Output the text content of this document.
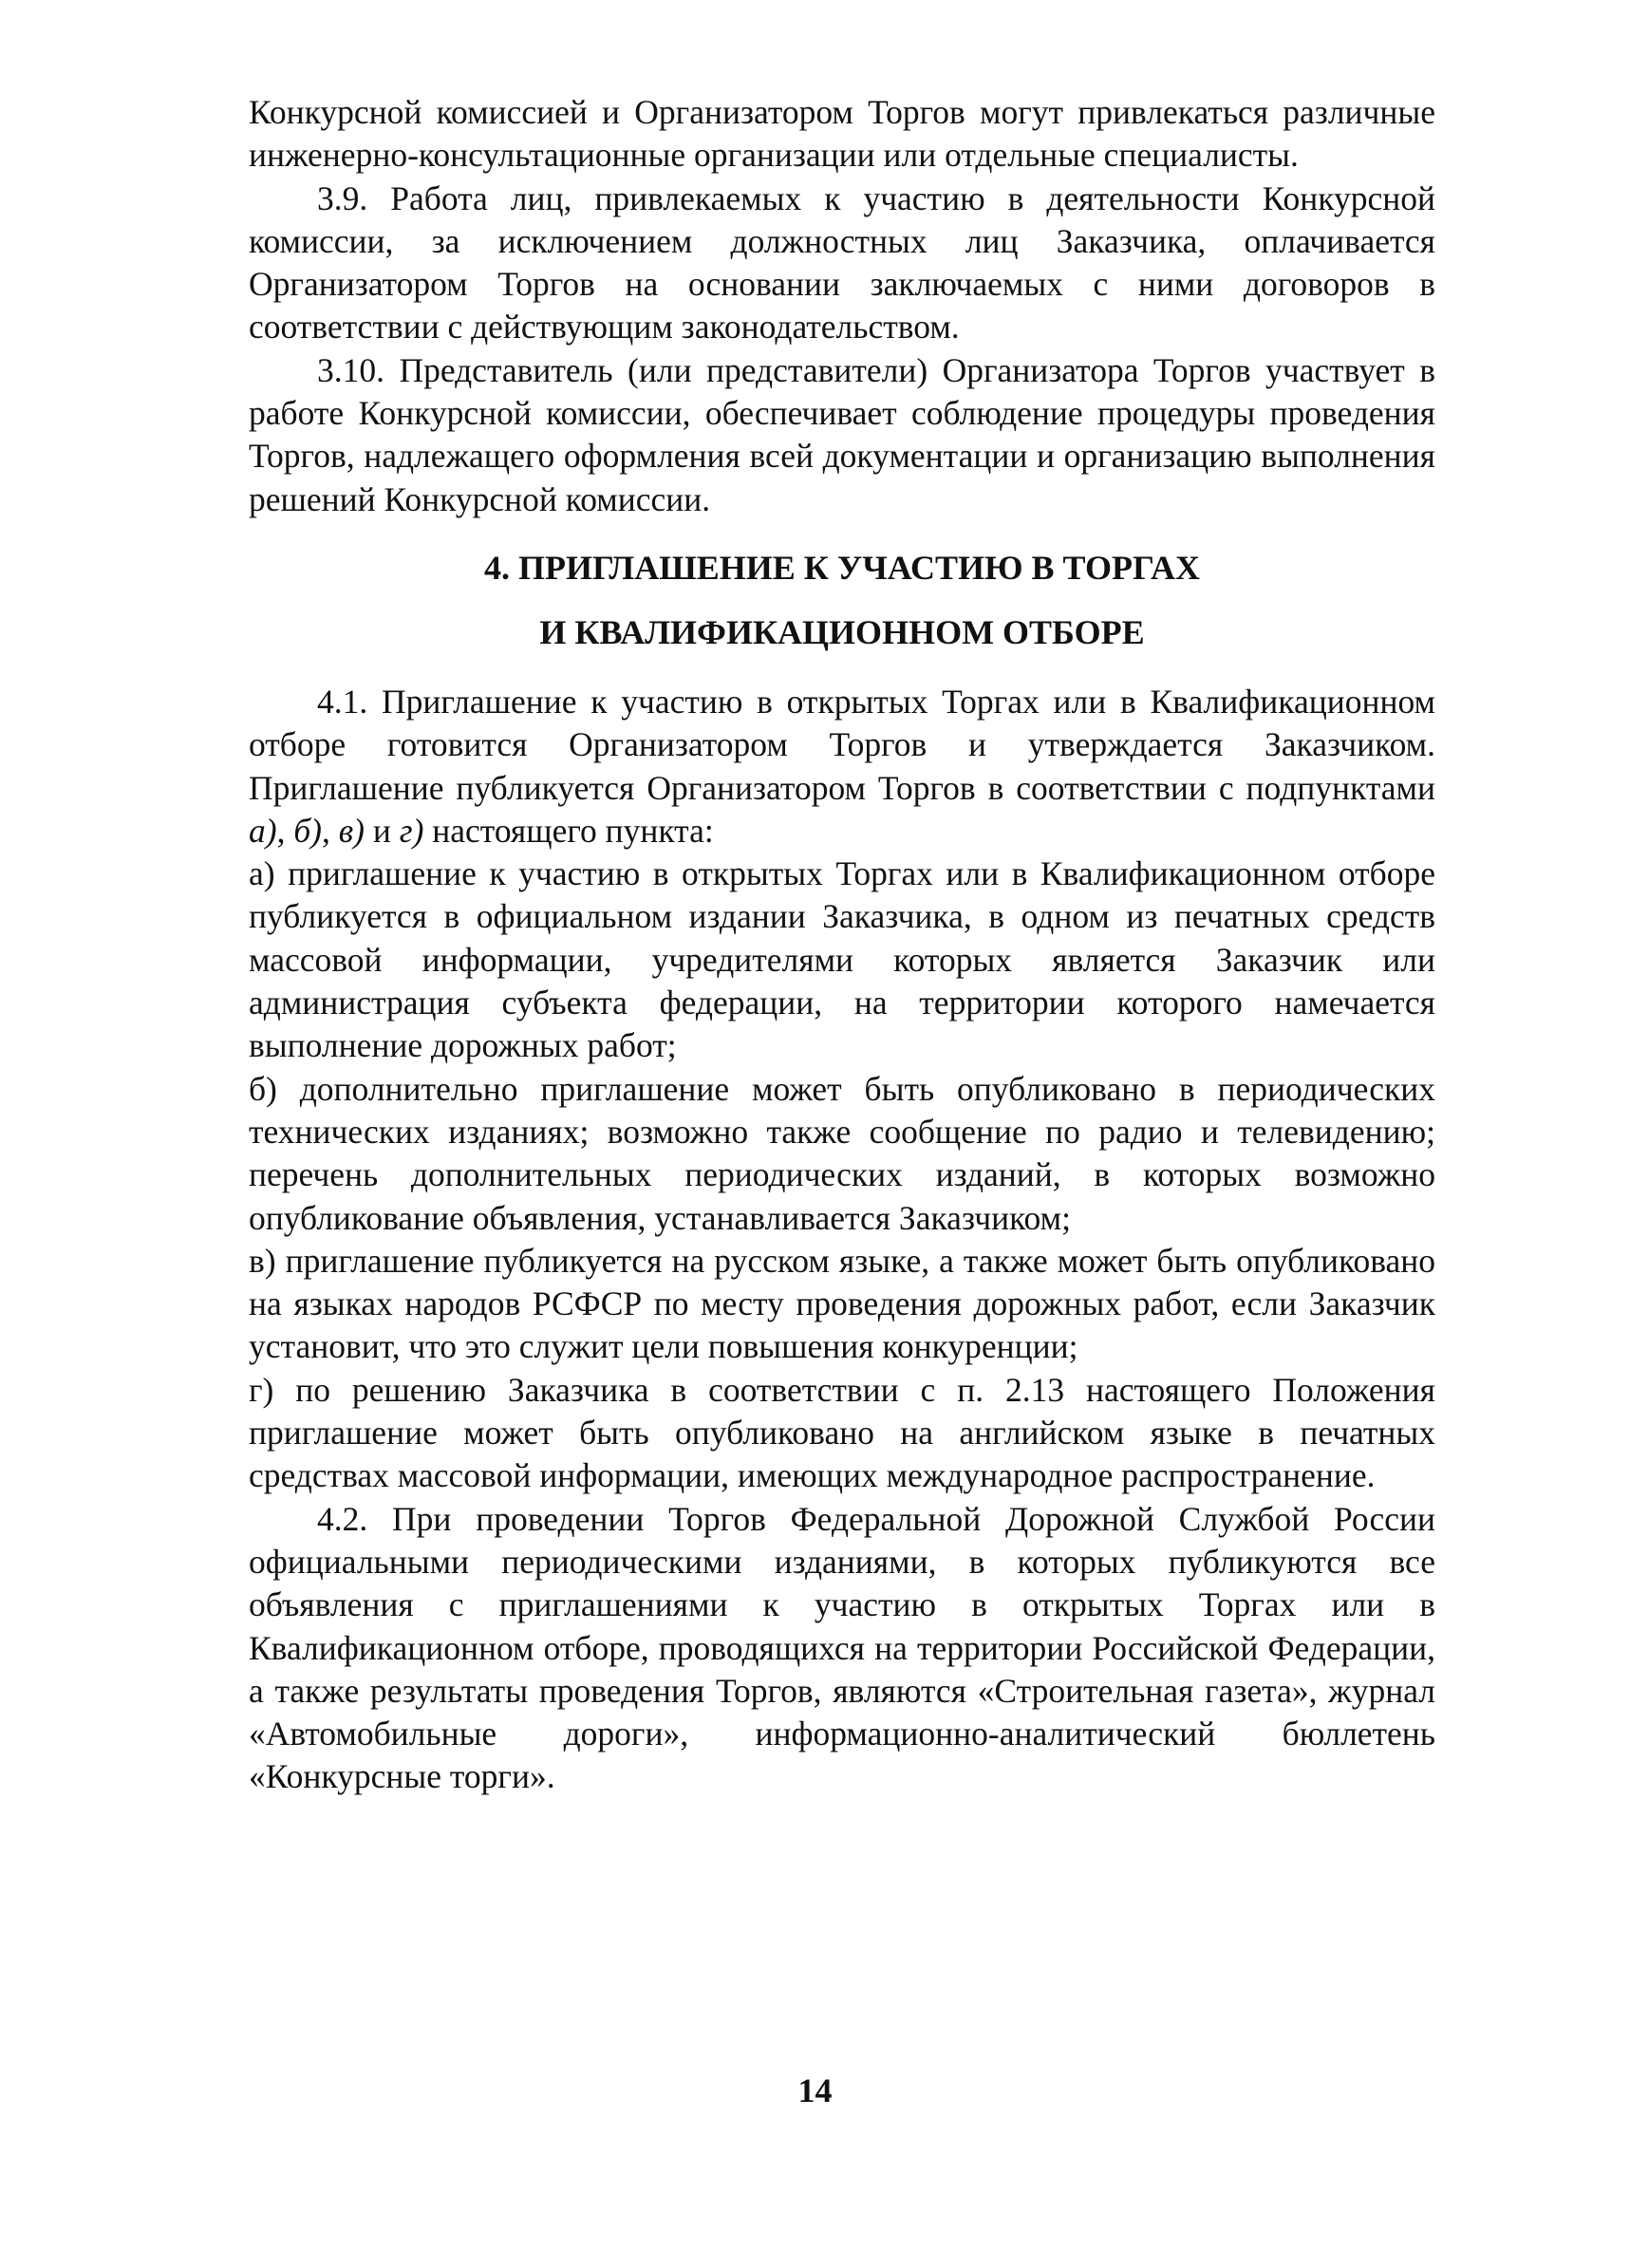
Конкурсной комиссией и Организатором Торгов могут привлекаться различные инженерно-консультационные организации или отдельные специалисты.

3.9. Работа лиц, привлекаемых к участию в деятельности Конкурсной комиссии, за исключением должностных лиц Заказчика, оплачивается Организатором Торгов на основании заключаемых с ними договоров в соответствии с действующим законодательством.

3.10. Представитель (или представители) Организатора Торгов участвует в работе Конкурсной комиссии, обеспечивает соблюдение процедуры проведения Торгов, надлежащего оформления всей документации и организацию выполнения решений Конкурсной комиссии.

4. ПРИГЛАШЕНИЕ К УЧАСТИЮ В ТОРГАХ
И КВАЛИФИКАЦИОННОМ ОТБОРЕ

4.1. Приглашение к участию в открытых Торгах или в Квалификационном отборе готовится Организатором Торгов и утверждается Заказчиком. Приглашение публикуется Организатором Торгов в соответствии с подпунктами а), б), в) и г) настоящего пункта:

а) приглашение к участию в открытых Торгах или в Квалификационном отборе публикуется в официальном издании Заказчика, в одном из печатных средств массовой информации, учредителями которых является Заказчик или администрация субъекта федерации, на территории которого намечается выполнение дорожных работ;

б) дополнительно приглашение может быть опубликовано в периодических технических изданиях; возможно также сообщение по радио и телевидению; перечень дополнительных периодических изданий, в которых возможно опубликование объявления, устанавливается Заказчиком;

в) приглашение публикуется на русском языке, а также может быть опубликовано на языках народов РСФСР по месту проведения дорожных работ, если Заказчик установит, что это служит цели повышения конкуренции;

г) по решению Заказчика в соответствии с п. 2.13 настоящего Положения приглашение может быть опубликовано на английском языке в печатных средствах массовой информации, имеющих международное распространение.

4.2. При проведении Торгов Федеральной Дорожной Службой России официальными периодическими изданиями, в которых публикуются все объявления с приглашениями к участию в открытых Торгах или в Квалификационном отборе, проводящихся на территории Российской Федерации, а также результаты проведения Торгов, являются «Строительная газета», журнал «Автомобильные дороги», информационно-аналитический бюллетень «Конкурсные торги».

14
